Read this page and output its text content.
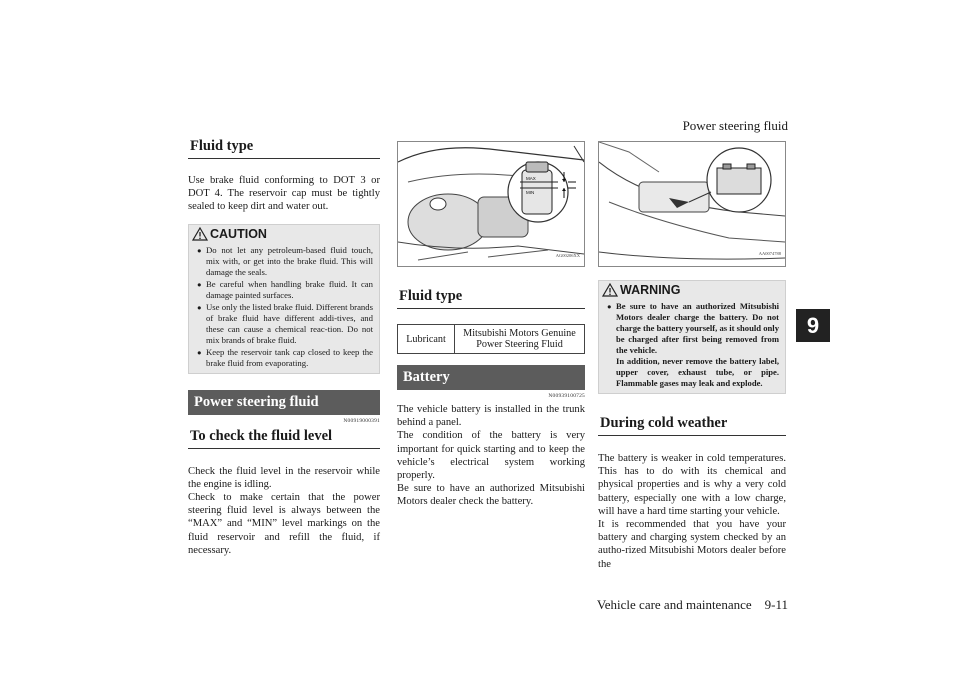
Power steering fluid
Vehicle care and maintenance    9-11
9
Fluid type
Use brake fluid conforming to DOT 3 or DOT 4. The reservoir cap must be tightly sealed to keep dirt and water out.
CAUTION
● Do not let any petroleum-based fluid touch, mix with, or get into the brake fluid. This will damage the seals.
● Be careful when handling brake fluid. It can damage painted surfaces.
● Use only the listed brake fluid. Different brands of brake fluid have different addi-tives, and these can cause a chemical reac-tion. Do not mix brands of brake fluid.
● Keep the reservoir tank cap closed to keep the brake fluid from evaporating.
Power steering fluid
N00919000391
To check the fluid level
Check the fluid level in the reservoir while the engine is idling.
Check to make certain that the power steering fluid level is always between the “MAX” and “MIN” level markings on the fluid reservoir and refill the fluid, if necessary.
MAX
MIN
AG00206XX
Fluid type
Lubricant	Mitsubishi Motors Genuine Power Steering Fluid
Battery
N00939100725
The vehicle battery is installed in the trunk behind a panel.
The condition of the battery is very important for quick starting and to keep the vehicle’s electrical system working properly.
Be sure to have an authorized Mitsubishi Motors dealer check the battery.
AA0074788
WARNING
● Be sure to have an authorized Mitsubishi Motors dealer charge the battery. Do not charge the battery yourself, as it should only be charged after first being removed from the vehicle.
In addition, never remove the battery label, upper cover, exhaust tube, or pipe. Flammable gases may leak and explode.
During cold weather
The battery is weaker in cold temperatures. This has to do with its chemical and physical properties and is why a very cold battery, especially one with a low charge, will have a hard time starting your vehicle.
It is recommended that you have your battery and charging system checked by an autho-rized Mitsubishi Motors dealer before the
